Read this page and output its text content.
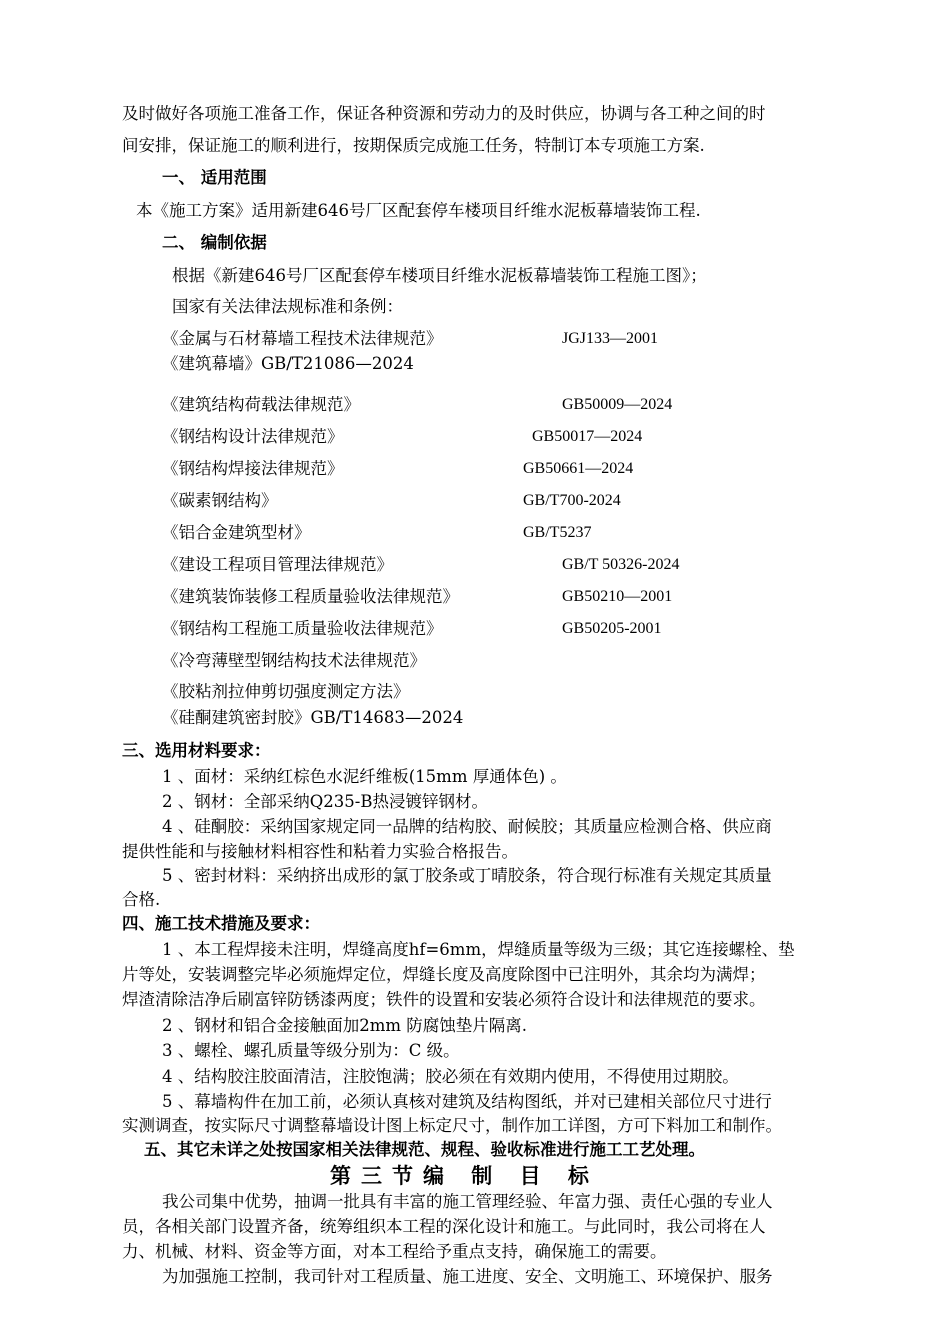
及时做好各项施工准备工作，保证各种资源和劳动力的及时供应，协调与各工种之间的时
间安排，保证施工的顺利进行，按期保质完成施工任务，特制订本专项施工方案.
一、 适用范围
本《施工方案》适用新建646号厂区配套停车楼项目纤维水泥板幕墙装饰工程.
二、 编制依据
根据《新建646号厂区配套停车楼项目纤维水泥板幕墙装饰工程施工图》；
国家有关法律法规标准和条例：
《金属与石材幕墙工程技术法律规范》	JGJ133—2001
《建筑幕墙》GB/T21086—2024
《建筑结构荷载法律规范》	GB50009—2024
《钢结构设计法律规范》	GB50017—2024
《钢结构焊接法律规范》	GB50661—2024
《碳素钢结构》	GB/T700-2024
《铝合金建筑型材》	GB/T5237
《建设工程项目管理法律规范》	GB/T 50326-2024
《建筑装饰装修工程质量验收法律规范》	GB50210—2001
《钢结构工程施工质量验收法律规范》	GB50205-2001
《冷弯薄壁型钢结构技术法律规范》
《胶粘剂拉伸剪切强度测定方法》
《硅酮建筑密封胶》GB/T14683—2024
三、选用材料要求：
1 、面材：采纳红棕色水泥纤维板(15mm 厚通体色) 。
2 、钢材：全部采纳Q235-B热浸镀锌钢材。
4 、硅酮胶：采纳国家规定同一品牌的结构胶、耐候胶；其质量应检测合格、供应商
提供性能和与接触材料相容性和粘着力实验合格报告。
5 、密封材料：采纳挤出成形的氯丁胶条或丁晴胶条，符合现行标准有关规定其质量
合格.
四、施工技术措施及要求：
1 、本工程焊接未注明，焊缝高度hf=6mm，焊缝质量等级为三级；其它连接螺栓、垫
片等处，安装调整完毕必须施焊定位，焊缝长度及高度除图中已注明外，其余均为满焊；
焊渣清除洁净后刷富锌防锈漆两度；铁件的设置和安装必须符合设计和法律规范的要求。
2 、钢材和铝合金接触面加2mm 防腐蚀垫片隔离.
3 、螺栓、螺孔质量等级分别为：C 级。
4 、结构胶注胶面清洁，注胶饱满；胶必须在有效期内使用，不得使用过期胶。
5 、幕墙构件在加工前，必须认真核对建筑及结构图纸，并对已建相关部位尺寸进行
实测调查，按实际尺寸调整幕墙设计图上标定尺寸，制作加工详图，方可下料加工和制作。
五、其它未详之处按国家相关法律规范、规程、验收标准进行施工工艺处理。
第三节编 制 目 标
我公司集中优势，抽调一批具有丰富的施工管理经验、年富力强、责任心强的专业人
员，各相关部门设置齐备，统筹组织本工程的深化设计和施工。与此同时，我公司将在人
力、机械、材料、资金等方面，对本工程给予重点支持，确保施工的需要。
为加强施工控制，我司针对工程质量、施工进度、安全、文明施工、环境保护、服务
